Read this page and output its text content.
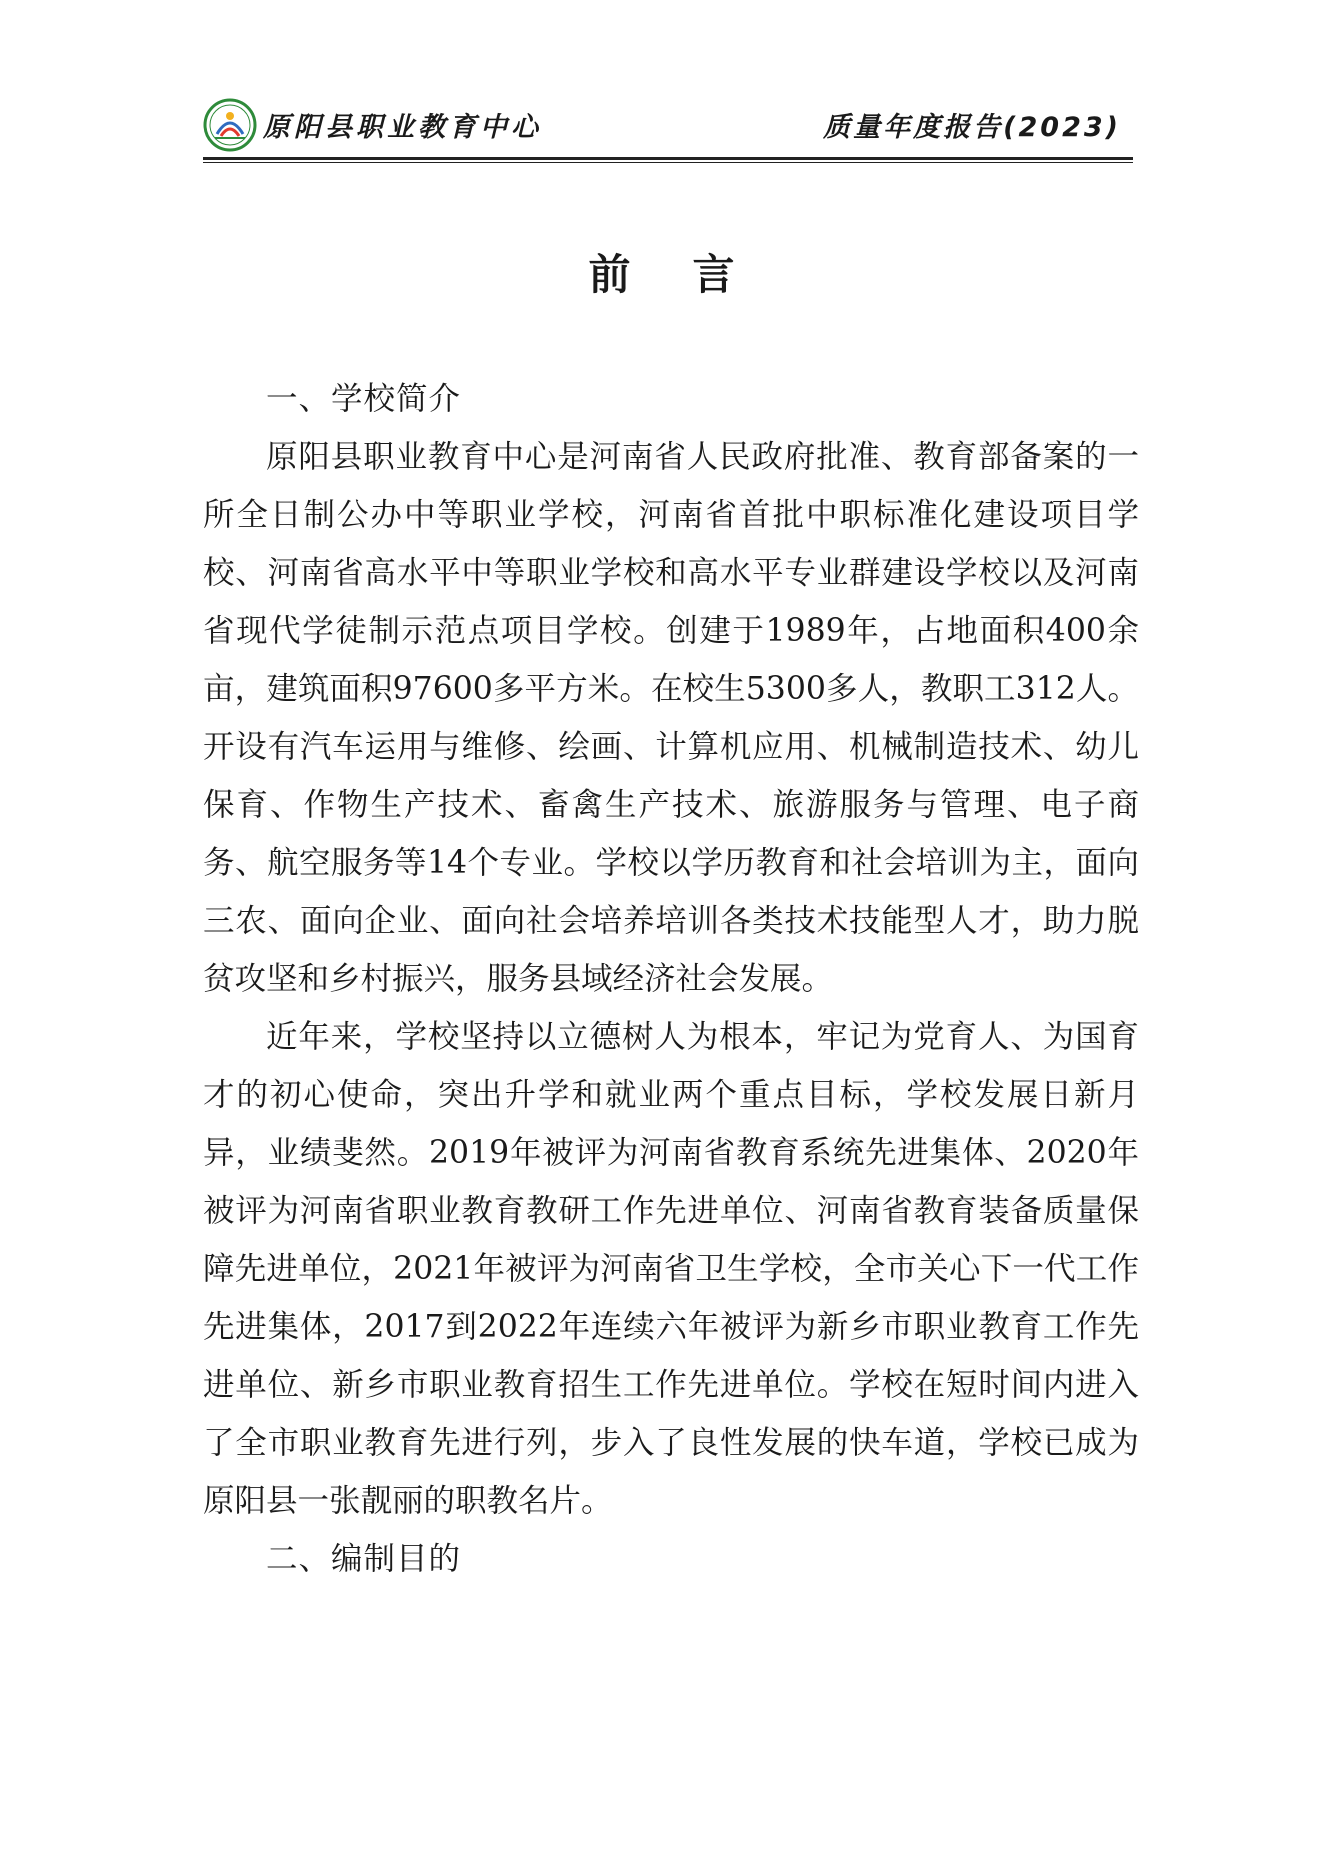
原阳县职业教育中心	质量年度报告(2023)
前言

一、学校简介

原阳县职业教育中心是河南省人民政府批准、教育部备案的一所全日制公办中等职业学校，河南省首批中职标准化建设项目学校、河南省高水平中等职业学校和高水平专业群建设学校以及河南省现代学徒制示范点项目学校。创建于1989年，占地面积400余亩，建筑面积97600多平方米。在校生5300多人，教职工312人。开设有汽车运用与维修、绘画、计算机应用、机械制造技术、幼儿保育、作物生产技术、畜禽生产技术、旅游服务与管理、电子商务、航空服务等14个专业。学校以学历教育和社会培训为主，面向三农、面向企业、面向社会培养培训各类技术技能型人才，助力脱贫攻坚和乡村振兴，服务县域经济社会发展。

近年来，学校坚持以立德树人为根本，牢记为党育人、为国育才的初心使命，突出升学和就业两个重点目标，学校发展日新月异，业绩斐然。2019年被评为河南省教育系统先进集体、2020年被评为河南省职业教育教研工作先进单位、河南省教育装备质量保障先进单位，2021年被评为河南省卫生学校，全市关心下一代工作先进集体，2017到2022年连续六年被评为新乡市职业教育工作先进单位、新乡市职业教育招生工作先进单位。学校在短时间内进入了全市职业教育先进行列，步入了良性发展的快车道，学校已成为原阳县一张靓丽的职教名片。

二、编制目的
